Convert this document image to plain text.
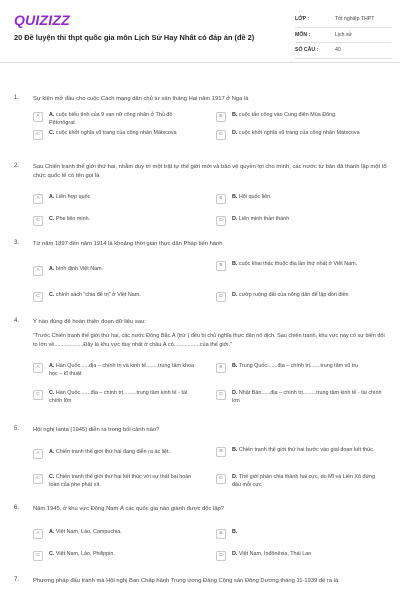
QUIZIZZ
20 Đề luyện thi thpt quốc gia môn Lịch Sử Hay Nhất có đáp án (đề 2)
LỚP :	Tốt nghiệp THPT
MÔN :	Lịch sử
SỐ CÂU :	40
1. Sự kiện mở đầu cho cuộc Cách mạng dân chủ tư sản tháng Hai năm 1917 ở Nga là
A	A. cuộc biểu tình của 9 vạn nữ công nhân ở Thủ đô Pêtơrôgrat
B	B. cuộc tấn công vào Cung điện Mùa Đông.
C	C. cuộc khởi nghĩa vũ trang của công nhân Mátxcova	D	D. cuộc khởi nghĩa vũ trang của công nhân Mátxcova
2. Sau Chiến tranh thế giới thứ hai, nhằm duy trì một trật tự thế giới mới và bảo vệ quyền lợi cho mình, các nước tư bản đã thành lập một tổ chức quốc tế có tên gọi là
A	A. Liên hợp quốc	B	B. Hội quốc liên.
C	C. Phe liên minh.	D	D. Liên minh thần thánh
3. Từ năm 1897 đến năm 1914 là khoảng thời gian thực dân Pháp tiến hành
A	A. bình định Việt Nam.
B	B. cuộc khai thác thuộc địa lần thứ nhất ở Việt Nam.
C	C. chính sách "chia để trị" ở Việt Nam.	D	D. cướp ruộng đất của nông dân để lập đồn điền
4. Ý nào đúng để hoàn thiện đoạn dữ liệu sau:
"Trước Chiến tranh thế giới thứ hai, các nước Đông Bắc Á (trừ ) đều bị chủ nghĩa thực dân nô dịch. Sau chiến tranh, khu vực này có sự biến đổi to lớn về...................Đây là khu vực duy nhất ở châu Á có.................của thế giới."
A	A. Hàn Quốc......địa – chính trị và kinh tế........trung tâm khoa học – kĩ thuật
B	B. Trung Quốc.......địa – chính trị.......trung tâm vũ trụ
C	C. Hàn Quốc.......địa – chính trị.........trung tâm kinh tế - tài chính lớn
D	D. Nhật Bản......địa – chính trị.........trung tâm kinh tế - tài chính lớn
5. Hội nghị Ianta (1945) diễn ra trong bối cảnh nào?
A	A. Chiến tranh thế giới thứ hai đang diễn ra ác liệt.	B	B. Chiến tranh thế giới thứ hai bước vào giai đoạn kết thúc.
C	C. Chiến tranh thế giới thứ hai kết thúc với sự thất bại hoàn toàn của phe phát xít.
D	D. Thế giới phân chia thành hai cực, do Mĩ và Liên Xô đứng đầu mỗi cực
6. Năm 1945, ở khu vực Đông Nam Á các quốc gia nào giành được độc lập?
A	A. Việt Nam, Lào, Campuchia.	B	B.
C	C. Việt Nam, Lào, Philippin.	D	D. Việt Nam, Inđônêxia, Thái Lan
7. Phương pháp đấu tranh mà Hội nghị Ban Chấp hành Trung ương Đảng Cộng sản Đông Dương tháng 11-1939 đề ra là
